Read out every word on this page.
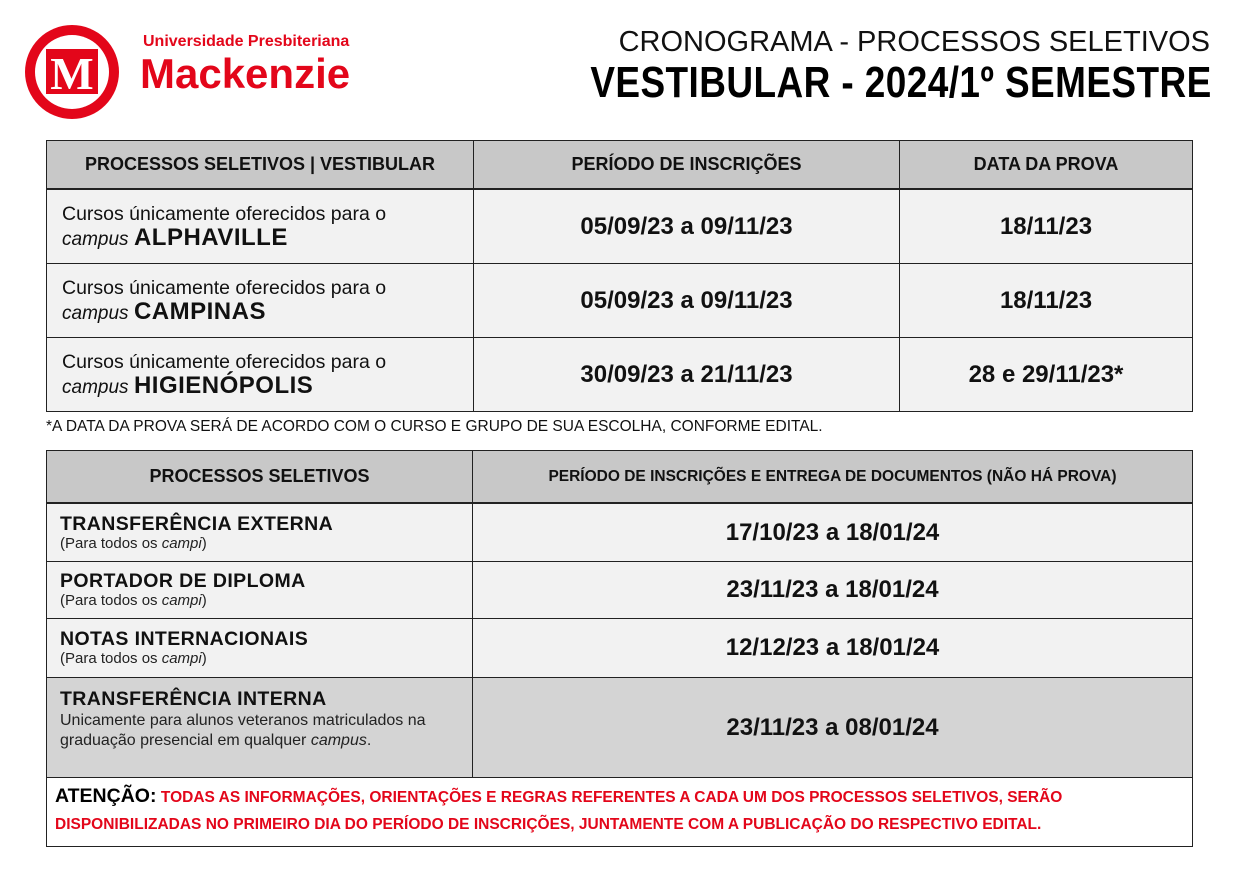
M
Universidade Presbiteriana
Mackenzie
CRONOGRAMA - PROCESSOS SELETIVOS
VESTIBULAR - 2024/1º SEMESTRE
PROCESSOS SELETIVOS | VESTIBULAR	PERÍODO DE INSCRIÇÕES	DATA DA PROVA

Cursos únicamente oferecidos para o
campus ALPHAVILLE	05/09/23 a 09/11/23	18/11/23

Cursos únicamente oferecidos para o
campus CAMPINAS	05/09/23 a 09/11/23	18/11/23

Cursos únicamente oferecidos para o
campus HIGIENÓPOLIS	30/09/23 a 21/11/23	28 e 29/11/23*
*A DATA DA PROVA SERÁ DE ACORDO COM O CURSO E GRUPO DE SUA ESCOLHA, CONFORME EDITAL.
PROCESSOS SELETIVOS	PERÍODO DE INSCRIÇÕES E ENTREGA DE DOCUMENTOS (NÃO HÁ PROVA)

TRANSFERÊNCIA EXTERNA
(Para todos os campi)	17/10/23 a 18/01/24

PORTADOR DE DIPLOMA
(Para todos os campi)	23/11/23 a 18/01/24

NOTAS INTERNACIONAIS
(Para todos os campi)	12/12/23 a 18/01/24

TRANSFERÊNCIA INTERNA
Unicamente para alunos veteranos matriculados na
graduação presencial em qualquer campus.	23/11/23 a 08/01/24
ATENÇÃO: TODAS AS INFORMAÇÕES, ORIENTAÇÕES E REGRAS REFERENTES A CADA UM DOS PROCESSOS SELETIVOS, SERÃO DISPONIBILIZADAS NO PRIMEIRO DIA DO PERÍODO DE INSCRIÇÕES, JUNTAMENTE COM A PUBLICAÇÃO DO RESPECTIVO EDITAL.	
